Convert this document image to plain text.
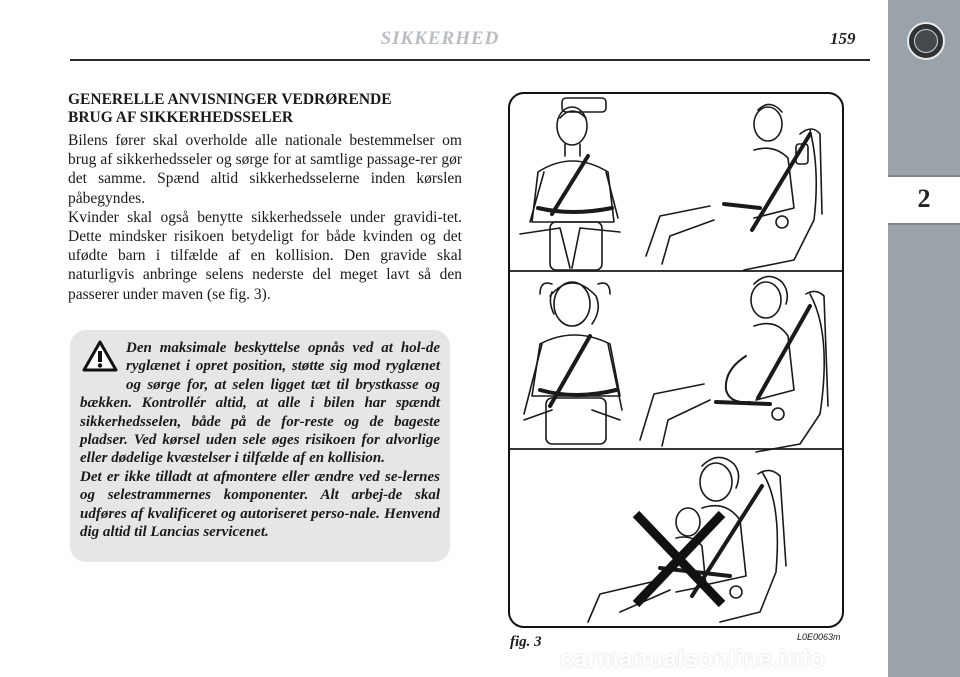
2
SIKKERHED	159
GENERELLE ANVISNINGER VEDRØRENDE
BRUG AF SIKKERHEDSSELER

Bilens fører skal overholde alle nationale bestemmelser om brug af sikkerhedsseler og sørge for at samtlige passage-rer gør det samme. Spænd altid sikkerhedsselerne inden kørslen påbegyndes.

Kvinder skal også benytte sikkerhedssele under gravidi-tet. Dette mindsker risikoen betydeligt for både kvinden og det ufødte barn i tilfælde af en kollision. Den gravide skal naturligvis anbringe selens nederste del meget lavt så den passerer under maven (se fig. 3).

Den maksimale beskyttelse opnås ved at hol-de ryglænet i opret position, støtte sig mod ryglænet og sørge for, at selen ligget tæt til brystkasse og bækken. Kontrollér altid, at alle i bilen har spændt sikkerhedsselen, både på de for-reste og de bageste pladser. Ved kørsel uden sele øges risikoen for alvorlige eller dødelige kvæstelser i tilfælde af en kollision.

Det er ikke tilladt at afmontere eller ændre ved se-lernes og selestrammernes komponenter. Alt arbej-de skal udføres af kvalificeret og autoriseret perso-nale. Henvend dig altid til Lancias servicenet.

fig. 3	L0E0063m
carmanualsonline.info
